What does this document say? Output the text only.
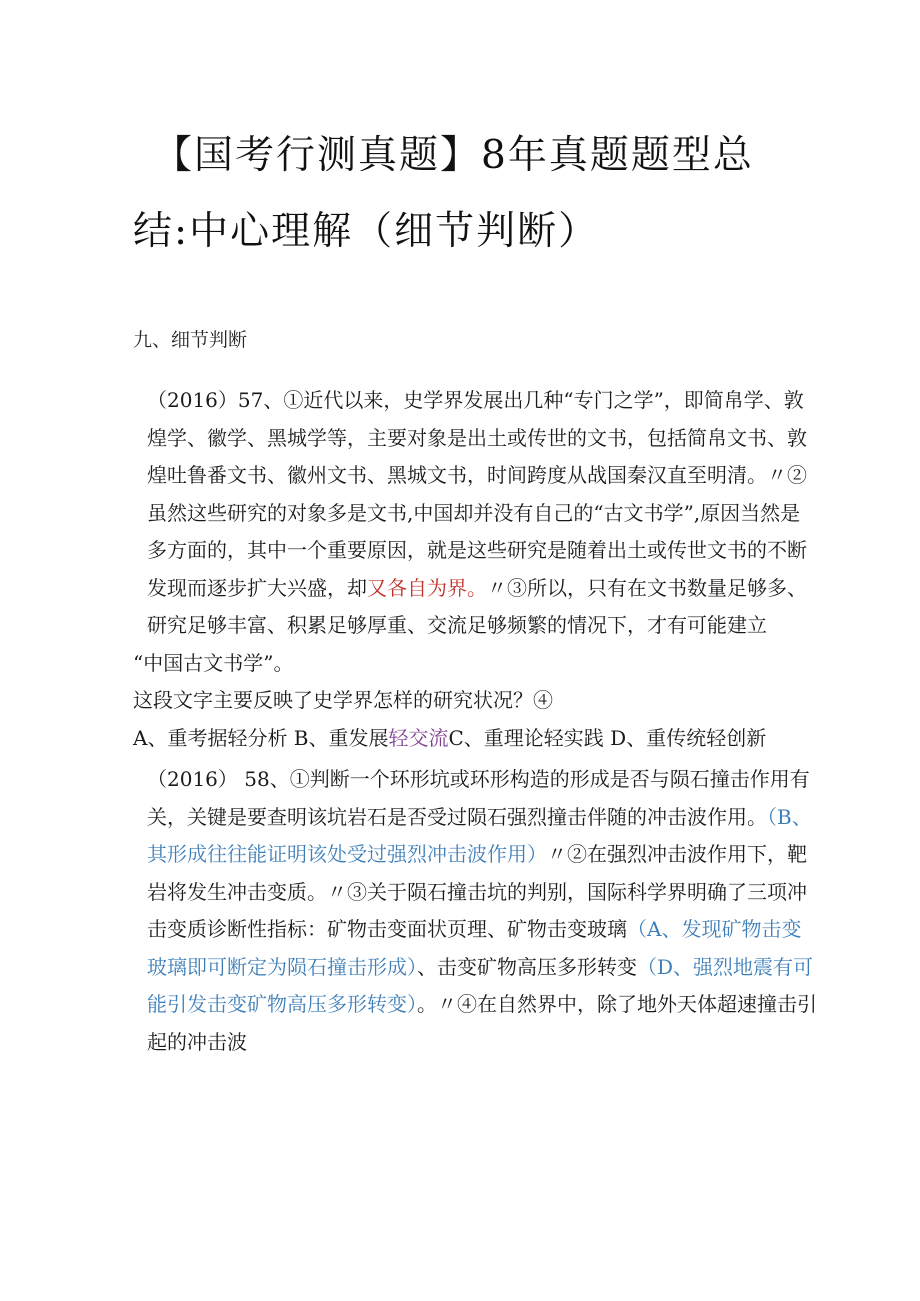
【国考行测真题】8年真题题型总
结:中心理解（细节判断）

九、细节判断

（2016）57、①近代以来，史学界发展出几种“专门之学”，即简帛学、敦煌学、徽学、黑城学等，主要对象是出土或传世的文书，包括简帛文书、敦煌吐鲁番文书、徽州文书、黑城文书，时间跨度从战国秦汉直至明清。〃②虽然这些研究的对象多是文书,中国却并没有自己的“古文书学”,原因当然是多方面的，其中一个重要原因，就是这些研究是随着出土或传世文书的不断发现而逐步扩大兴盛，却又各自为界。〃③所以，只有在文书数量足够多、研究足够丰富、积累足够厚重、交流足够频繁的情况下，才有可能建立

“中国古文书学”。

这段文字主要反映了史学界怎样的研究状况？④

A、重考据轻分析 B、重发展轻交流C、重理论轻实践 D、重传统轻创新

（2016） 58、①判断一个环形坑或环形构造的形成是否与陨石撞击作用有关，关键是要查明该坑岩石是否受过陨石强烈撞击伴随的冲击波作用。（B、其形成往往能证明该处受过强烈冲击波作用）〃②在强烈冲击波作用下，靶岩将发生冲击变质。〃③关于陨石撞击坑的判别，国际科学界明确了三项冲击变质诊断性指标：矿物击变面状页理、矿物击变玻璃（A、发现矿物击变玻璃即可断定为陨石撞击形成）、击变矿物高压多形转变（D、强烈地震有可能引发击变矿物高压多形转变）。〃④在自然界中，除了地外天体超速撞击引起的冲击波
